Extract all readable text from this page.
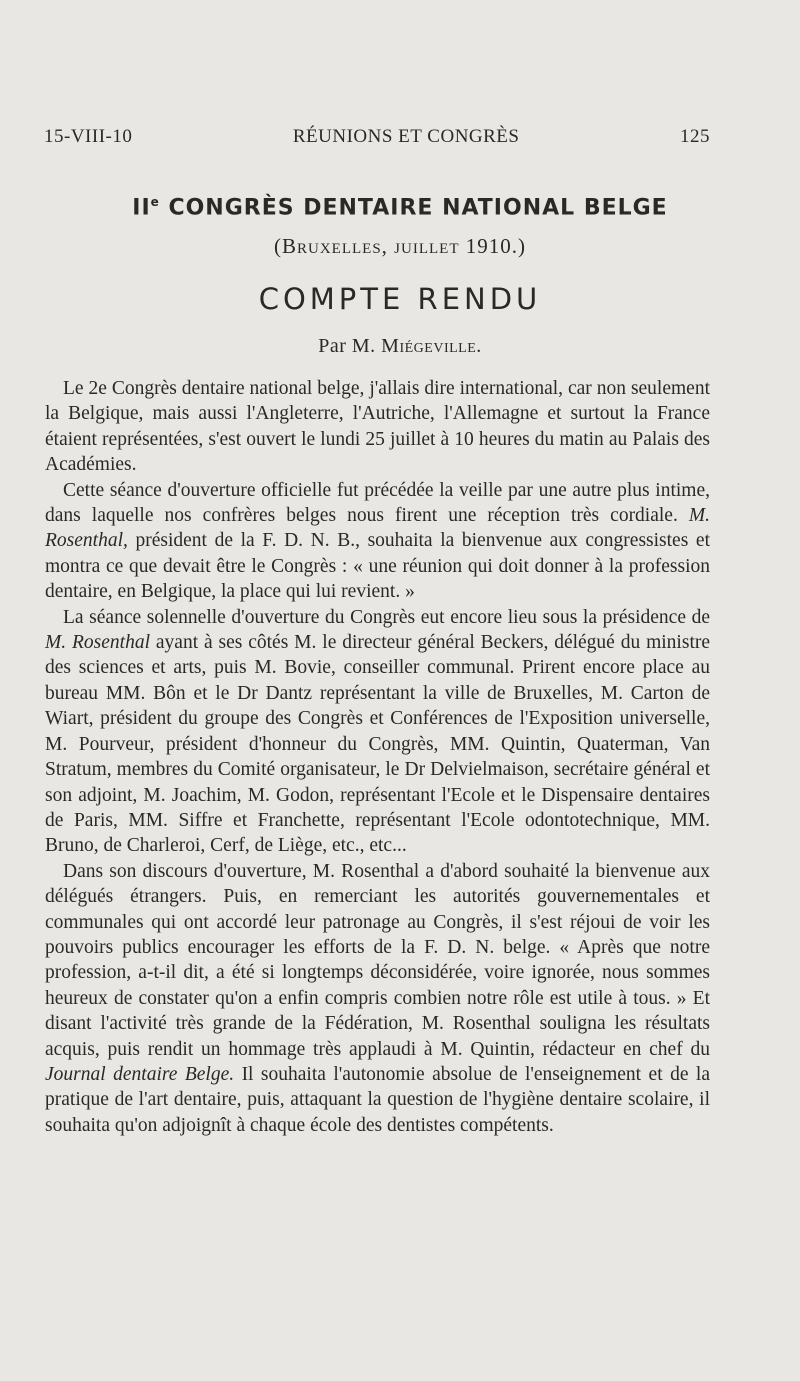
15-VIII-10	RÉUNIONS ET CONGRÈS	125
IIe CONGRÈS DENTAIRE NATIONAL BELGE
(Bruxelles, juillet 1910.)
COMPTE RENDU
Par M. Miégeville.

Le 2e Congrès dentaire national belge, j'allais dire international, car non seulement la Belgique, mais aussi l'Angleterre, l'Autriche, l'Allemagne et surtout la France étaient représentées, s'est ouvert le lundi 25 juillet à 10 heures du matin au Palais des Académies.

Cette séance d'ouverture officielle fut précédée la veille par une autre plus intime, dans laquelle nos confrères belges nous firent une réception très cordiale. M. Rosenthal, président de la F. D. N. B., souhaita la bienvenue aux congressistes et montra ce que devait être le Congrès : « une réunion qui doit donner à la profession dentaire, en Belgique, la place qui lui revient. »

La séance solennelle d'ouverture du Congrès eut encore lieu sous la présidence de M. Rosenthal ayant à ses côtés M. le directeur général Beckers, délégué du ministre des sciences et arts, puis M. Bovie, conseiller communal. Prirent encore place au bureau MM. Bôn et le Dr Dantz représentant la ville de Bruxelles, M. Carton de Wiart, président du groupe des Congrès et Conférences de l'Exposition universelle, M. Pourveur, président d'honneur du Congrès, MM. Quintin, Quaterman, Van Stratum, membres du Comité organisateur, le Dr Delvielmaison, secrétaire général et son adjoint, M. Joachim, M. Godon, représentant l'Ecole et le Dispensaire dentaires de Paris, MM. Siffre et Franchette, représentant l'Ecole odontotechnique, MM. Bruno, de Charleroi, Cerf, de Liège, etc., etc...

Dans son discours d'ouverture, M. Rosenthal a d'abord souhaité la bienvenue aux délégués étrangers. Puis, en remerciant les autorités gouvernementales et communales qui ont accordé leur patronage au Congrès, il s'est réjoui de voir les pouvoirs publics encourager les efforts de la F. D. N. belge. « Après que notre profession, a-t-il dit, a été si longtemps déconsidérée, voire ignorée, nous sommes heureux de constater qu'on a enfin compris combien notre rôle est utile à tous. » Et disant l'activité très grande de la Fédération, M. Rosenthal souligna les résultats acquis, puis rendit un hommage très applaudi à M. Quintin, rédacteur en chef du Journal dentaire Belge. Il souhaita l'autonomie absolue de l'enseignement et de la pratique de l'art dentaire, puis, attaquant la question de l'hygiène dentaire scolaire, il souhaita qu'on adjoignît à chaque école des dentistes compétents.
